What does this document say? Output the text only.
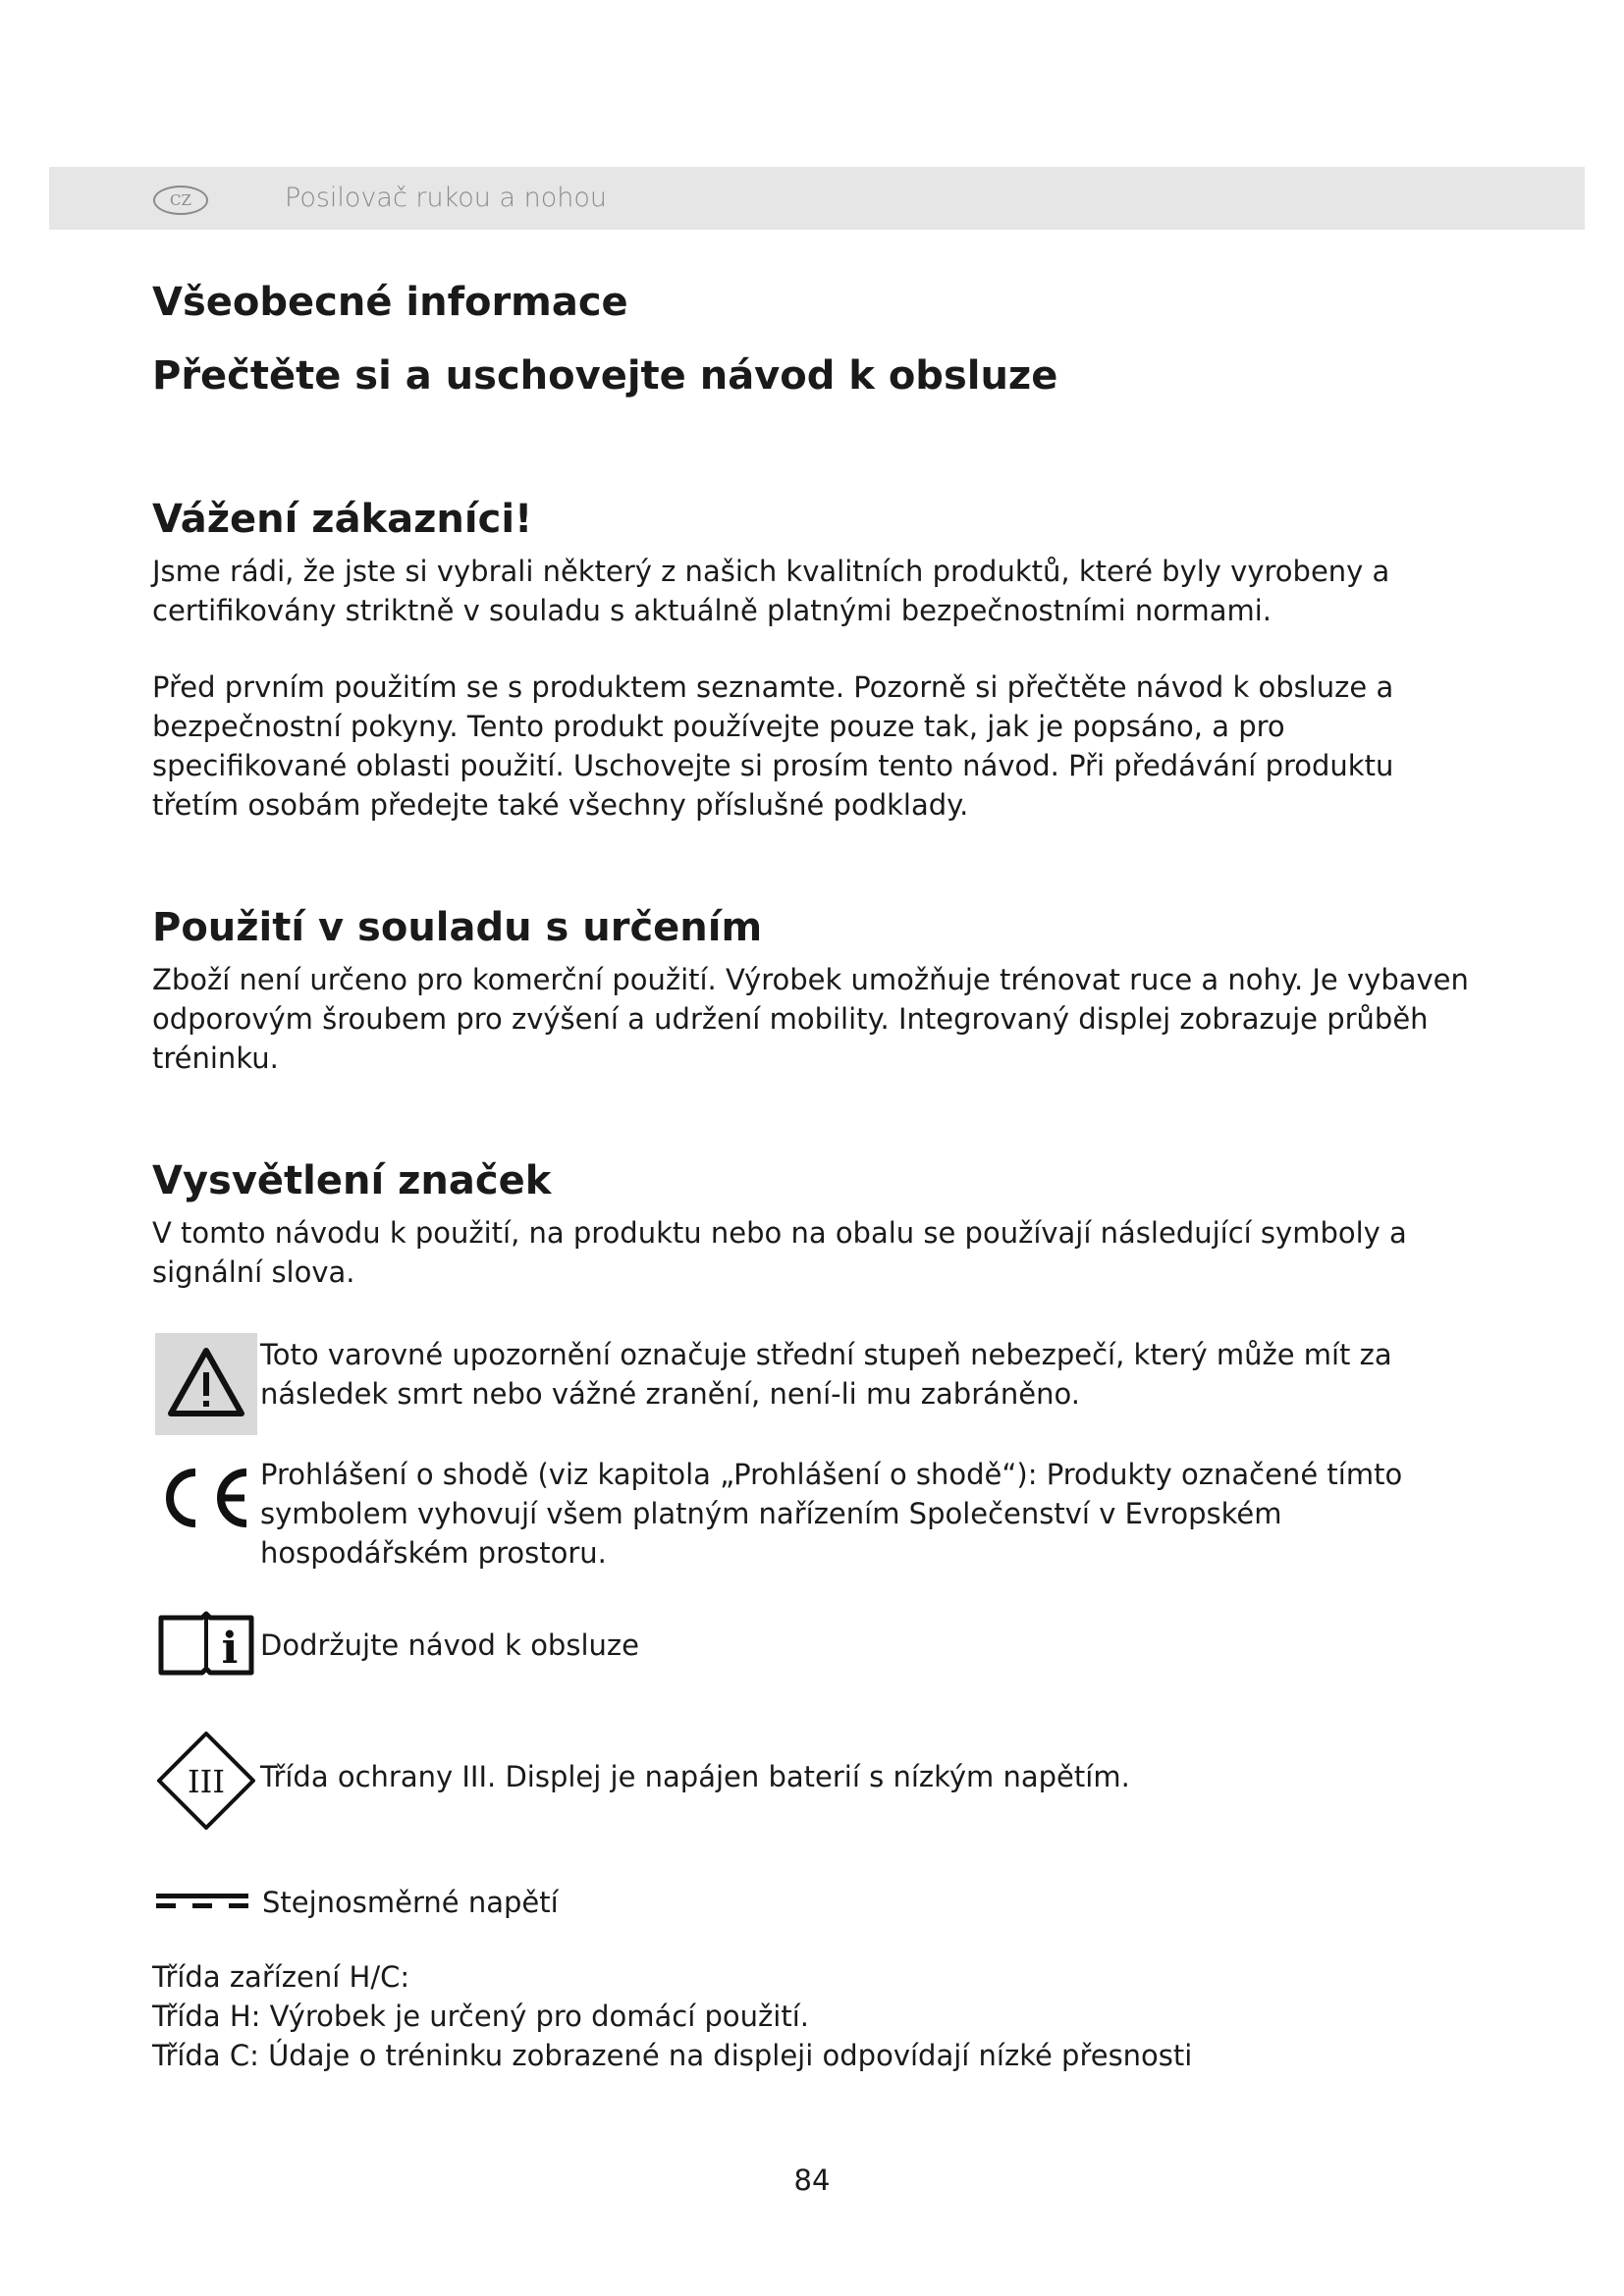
CZ	Posilovač rukou a nohou
Všeobecné informace
Přečtěte si a uschovejte návod k obsluze
Vážení zákazníci!

Jsme rádi, že jste si vybrali některý z našich kvalitních produktů, které byly vyrobeny a certifikovány striktně v souladu s aktuálně platnými bezpečnostními normami.

Před prvním použitím se s produktem seznamte. Pozorně si přečtěte návod k obsluze a bezpečnostní pokyny. Tento produkt používejte pouze tak, jak je popsáno, a pro specifikované oblasti použití. Uschovejte si prosím tento návod. Při předávání produktu třetím osobám předejte také všechny příslušné podklady.

Použití v souladu s určením

Zboží není určeno pro komerční použití. Výrobek umožňuje trénovat ruce a nohy. Je vybaven odporovým šroubem pro zvýšení a udržení mobility. Integrovaný displej zobrazuje průběh tréninku.

Vysvětlení značek

V tomto návodu k použití, na produktu nebo na obalu se používají následující symboly a signální slova.

Toto varovné upozornění označuje střední stupeň nebezpečí, který může mít za následek smrt nebo vážné zranění, není-li mu zabráněno.

Prohlášení o shodě (viz kapitola „Prohlášení o shodě“): Produkty označené tímto symbolem vyhovují všem platným nařízením Společenství v Evropském hospodářském prostoru.

i Dodržujte návod k obsluze

III Třída ochrany III. Displej je napájen baterií s nízkým napětím.

Stejnosměrné napětí

Třída zařízení H/C:

Třída H: Výrobek je určený pro domácí použití.

Třída C: Údaje o tréninku zobrazené na displeji odpovídají nízké přesnosti

84
